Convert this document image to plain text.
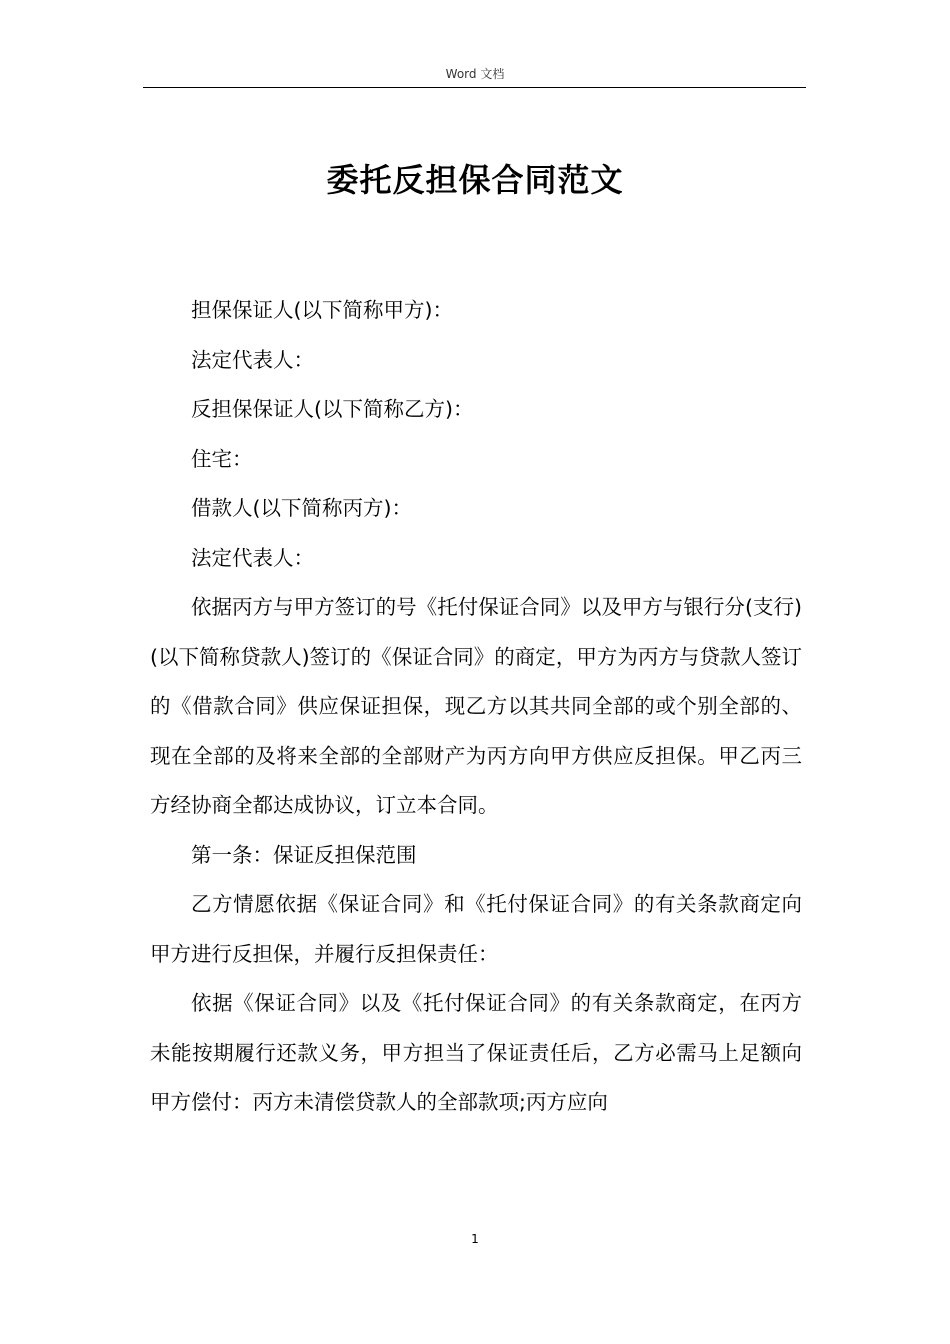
Word 文档
委托反担保合同范文

担保保证人(以下简称甲方)：

法定代表人：

反担保保证人(以下简称乙方)：

住宅：

借款人(以下简称丙方)：

法定代表人：

依据丙方与甲方签订的号《托付保证合同》以及甲方与银行分(支行)(以下简称贷款人)签订的《保证合同》的商定，甲方为丙方与贷款人签订的《借款合同》供应保证担保，现乙方以其共同全部的或个别全部的、现在全部的及将来全部的全部财产为丙方向甲方供应反担保。甲乙丙三方经协商全都达成协议，订立本合同。

第一条：保证反担保范围

乙方情愿依据《保证合同》和《托付保证合同》的有关条款商定向甲方进行反担保，并履行反担保责任：

依据《保证合同》以及《托付保证合同》的有关条款商定，在丙方未能按期履行还款义务，甲方担当了保证责任后，乙方必需马上足额向甲方偿付：丙方未清偿贷款人的全部款项;丙方应向

1
